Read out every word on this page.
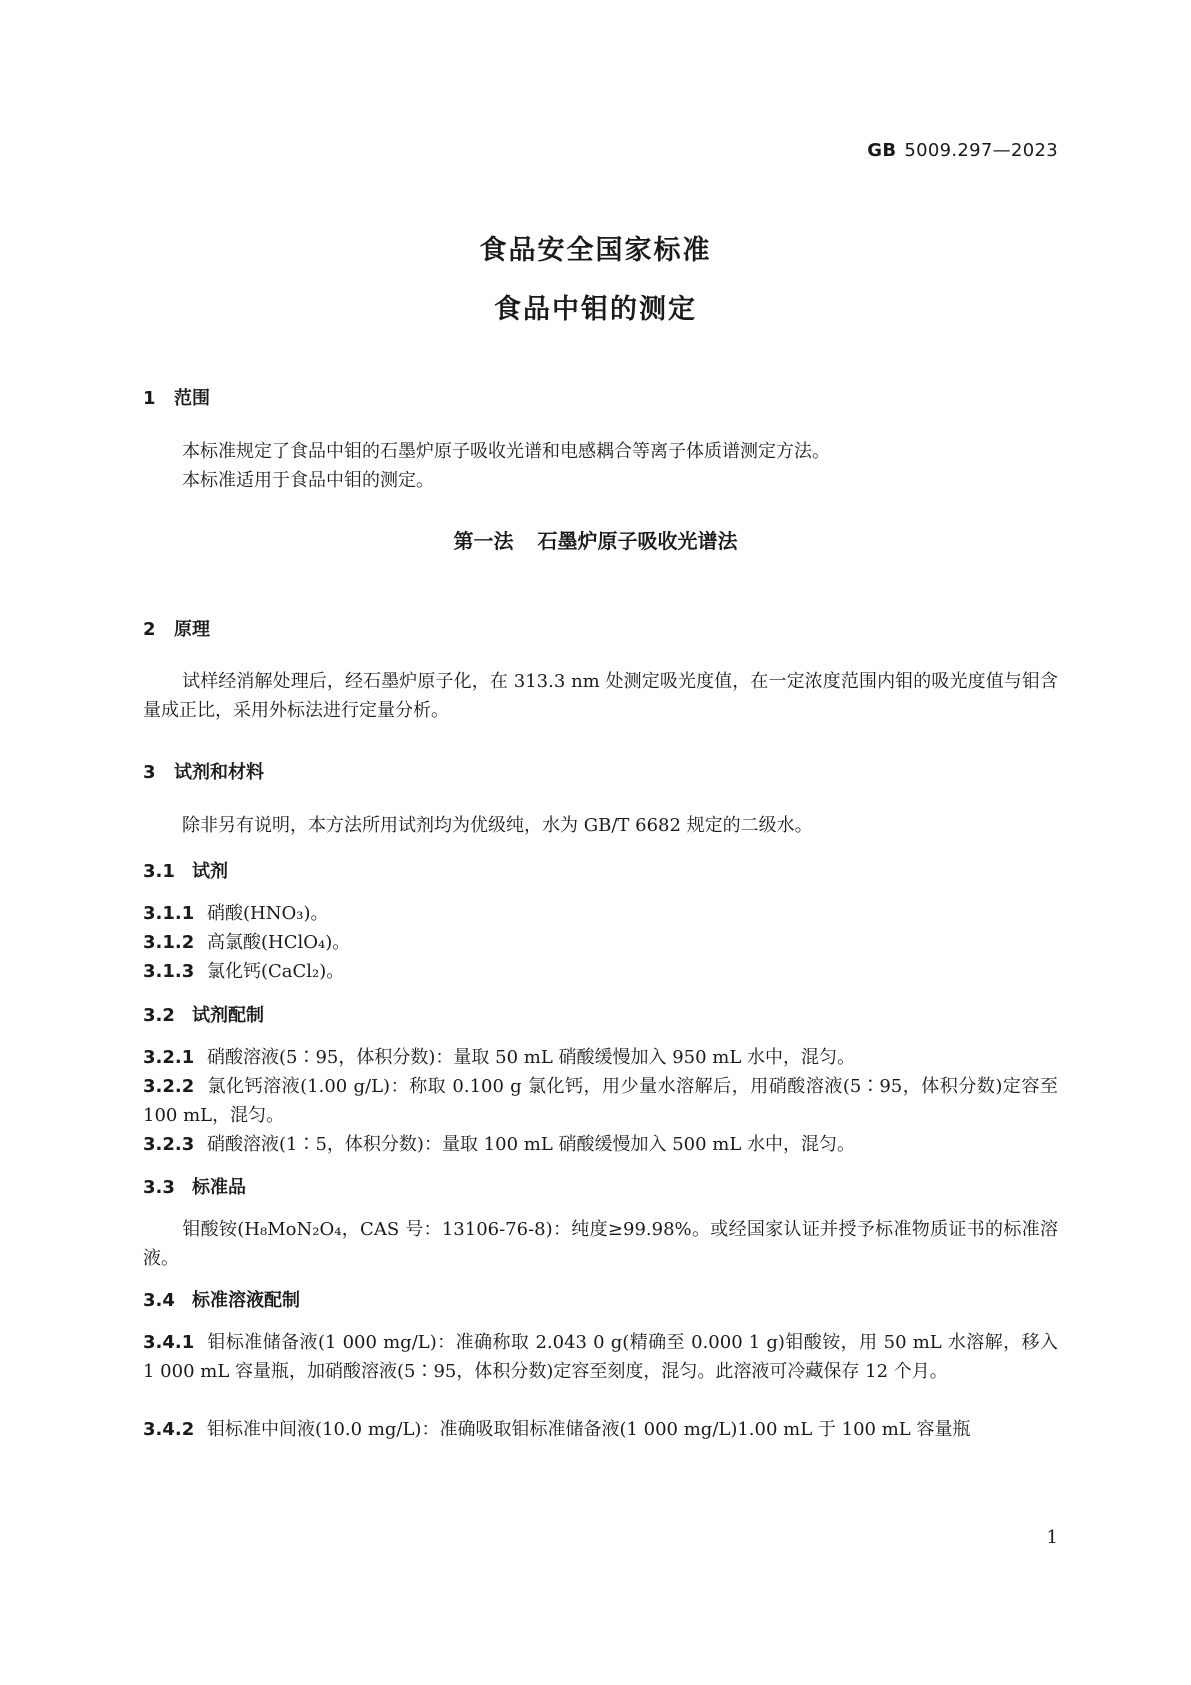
GB 5009.297—2023
食品安全国家标准
食品中钼的测定
1 范围
本标准规定了食品中钼的石墨炉原子吸收光谱和电感耦合等离子体质谱测定方法。
本标准适用于食品中钼的测定。
第一法 石墨炉原子吸收光谱法
2 原理
试样经消解处理后，经石墨炉原子化，在 313.3 nm 处测定吸光度值，在一定浓度范围内钼的吸光度值与钼含量成正比，采用外标法进行定量分析。
3 试剂和材料
除非另有说明，本方法所用试剂均为优级纯，水为 GB/T 6682 规定的二级水。
3.1 试剂
3.1.1 硝酸(HNO₃)。
3.1.2 高氯酸(HClO₄)。
3.1.3 氯化钙(CaCl₂)。
3.2 试剂配制
3.2.1 硝酸溶液(5∶95，体积分数)：量取 50 mL 硝酸缓慢加入 950 mL 水中，混匀。
3.2.2 氯化钙溶液(1.00 g/L)：称取 0.100 g 氯化钙，用少量水溶解后，用硝酸溶液(5∶95，体积分数)定容至 100 mL，混匀。
3.2.3 硝酸溶液(1∶5，体积分数)：量取 100 mL 硝酸缓慢加入 500 mL 水中，混匀。
3.3 标准品
钼酸铵(H₈MoN₂O₄，CAS 号：13106-76-8)：纯度≥99.98%。或经国家认证并授予标准物质证书的标准溶液。
3.4 标准溶液配制
3.4.1 钼标准储备液(1 000 mg/L)：准确称取 2.043 0 g(精确至 0.000 1 g)钼酸铵，用 50 mL 水溶解，移入 1 000 mL 容量瓶，加硝酸溶液(5∶95，体积分数)定容至刻度，混匀。此溶液可冷藏保存 12 个月。
3.4.2 钼标准中间液(10.0 mg/L)：准确吸取钼标准储备液(1 000 mg/L)1.00 mL 于 100 mL 容量瓶
1
